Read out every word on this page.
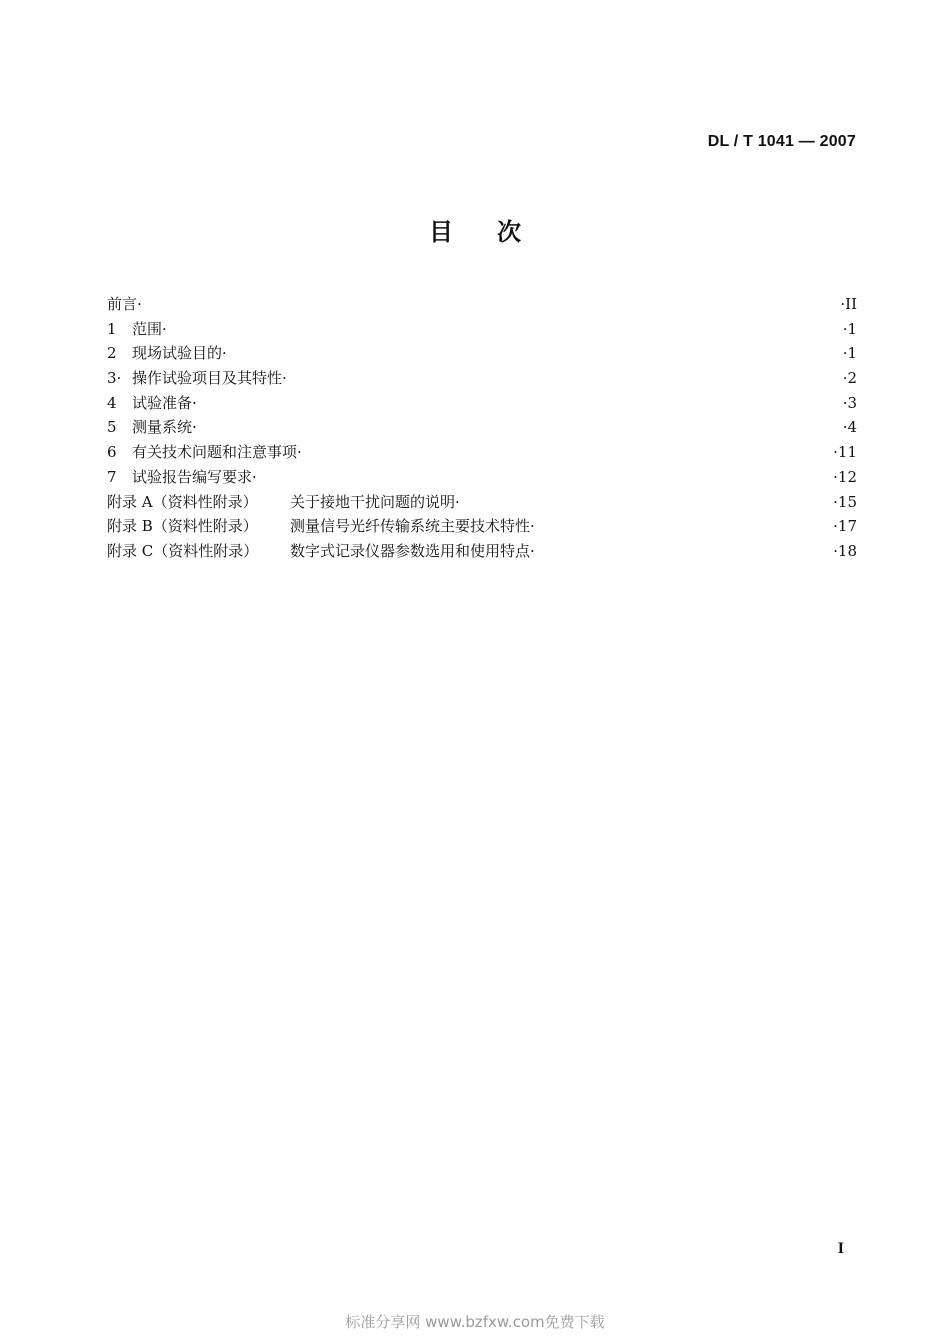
DL / T 1041 — 2007
目 次
前言·	·II
1	范围·	·1
2	现场试验目的·	·1
3· 操作试验项目及其特性·	·2
4	试验准备·	·3
5	测量系统·	·4
6	有关技术问题和注意事项·	·11
7	试验报告编写要求·	·12
附录 A（资料性附录）	关于接地干扰问题的说明·	·15
附录 B（资料性附录）	测量信号光纤传输系统主要技术特性·	·17
附录 C（资料性附录）	数字式记录仪器参数选用和使用特点·	·18
I
标准分享网 www.bzfxw.com免费下载
